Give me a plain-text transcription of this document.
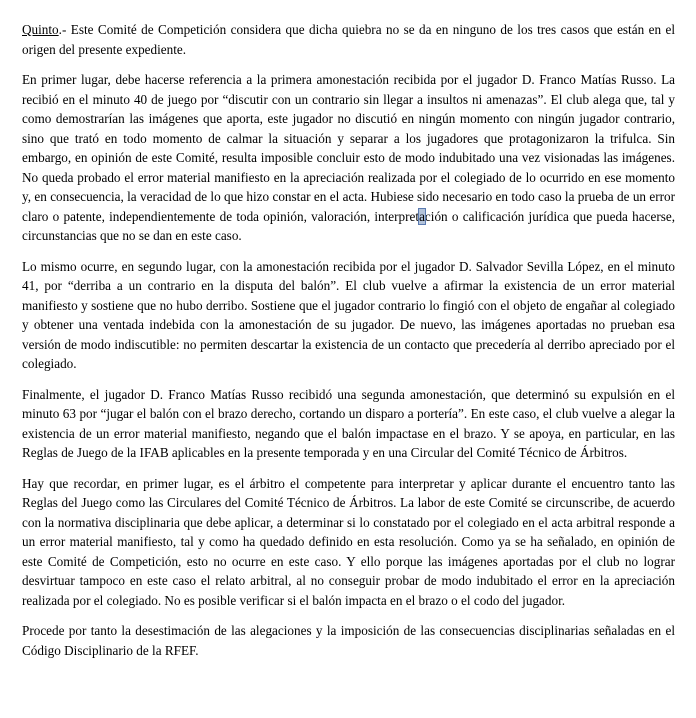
Quinto.- Este Comité de Competición considera que dicha quiebra no se da en ninguno de los tres casos que están en el origen del presente expediente.

En primer lugar, debe hacerse referencia a la primera amonestación recibida por el jugador D. Franco Matías Russo. La recibió en el minuto 40 de juego por “discutir con un contrario sin llegar a insultos ni amenazas”. El club alega que, tal y como demostrarían las imágenes que aporta, este jugador no discutió en ningún momento con ningún jugador contrario, sino que trató en todo momento de calmar la situación y separar a los jugadores que protagonizaron la trifulca. Sin embargo, en opinión de este Comité, resulta imposible concluir esto de modo indubitado una vez visionadas las imágenes. No queda probado el error material manifiesto en la apreciación realizada por el colegiado de lo ocurrido en ese momento y, en consecuencia, la veracidad de lo que hizo constar en el acta. Hubiese sido necesario en todo caso la prueba de un error claro o patente, independientemente de toda opinión, valoración, interpretación o calificación jurídica que pueda hacerse, circunstancias que no se dan en este caso.

Lo mismo ocurre, en segundo lugar, con la amonestación recibida por el jugador D. Salvador Sevilla López, en el minuto 41, por “derriba a un contrario en la disputa del balón”. El club vuelve a afirmar la existencia de un error material manifiesto y sostiene que no hubo derribo. Sostiene que el jugador contrario lo fingió con el objeto de engañar al colegiado y obtener una ventada indebida con la amonestación de su jugador. De nuevo, las imágenes aportadas no prueban esa versión de modo indiscutible: no permiten descartar la existencia de un contacto que precedería al derribo apreciado por el colegiado.

Finalmente, el jugador D. Franco Matías Russo recibidó una segunda amonestación, que determinó su expulsión en el minuto 63 por “jugar el balón con el brazo derecho, cortando un disparo a portería”. En este caso, el club vuelve a alegar la existencia de un error material manifiesto, negando que el balón impactase en el brazo. Y se apoya, en particular, en las Reglas de Juego de la IFAB aplicables en la presente temporada y en una Circular del Comité Técnico de Árbitros.

Hay que recordar, en primer lugar, es el árbitro el competente para interpretar y aplicar durante el encuentro tanto las Reglas del Juego como las Circulares del Comité Técnico de Árbitros. La labor de este Comité se circunscribe, de acuerdo con la normativa disciplinaria que debe aplicar, a determinar si lo constatado por el colegiado en el acta arbitral responde a un error material manifiesto, tal y como ha quedado definido en esta resolución. Como ya se ha señalado, en opinión de este Comité de Competición, esto no ocurre en este caso. Y ello porque las imágenes aportadas por el club no lograr desvirtuar tampoco en este caso el relato arbitral, al no conseguir probar de modo indubitado el error en la apreciación realizada por el colegiado. No es posible verificar si el balón impacta en el brazo o el codo del jugador.

Procede por tanto la desestimación de las alegaciones y la imposición de las consecuencias disciplinarias señaladas en el Código Disciplinario de la RFEF.
